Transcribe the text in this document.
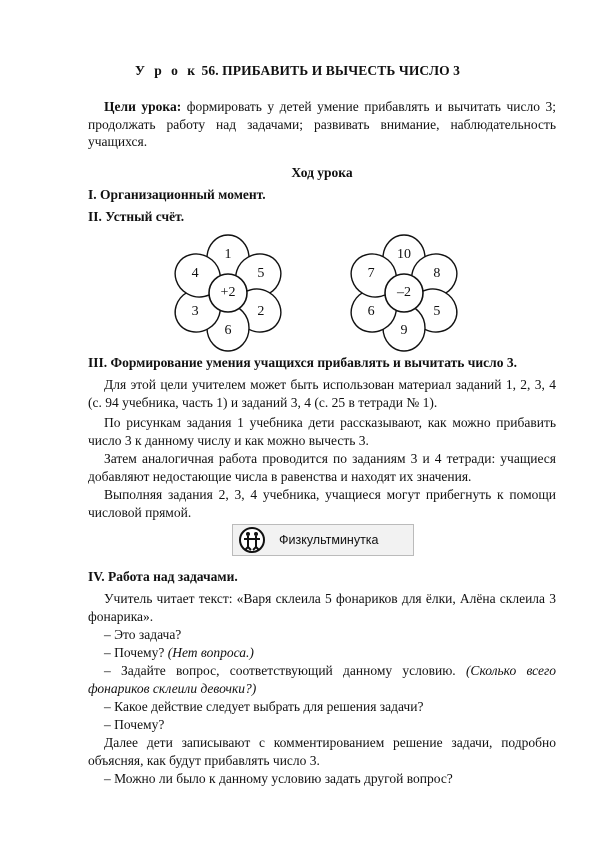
У р о к 56. ПРИБАВИТЬ И ВЫЧЕСТЬ ЧИСЛО 3
Цели урока: формировать у детей умение прибавлять и вычитать число 3; продолжать работу над задачами; развивать внимание, наблюдательность учащихся.
Ход урока
I. Организационный момент.
II. Устный счёт.
1
5
2
6
3
4
+2
10
8
5
9
6
7
–2
III. Формирование умения учащихся прибавлять и вычитать число 3.
Для этой цели учителем может быть использован материал заданий 1, 2, 3, 4 (с. 94 учебника, часть 1) и заданий 3, 4 (с. 25 в тетради № 1).
По рисункам задания 1 учебника дети рассказывают, как можно прибавить число 3 к данному числу и как можно вычесть 3.
Затем аналогичная работа проводится по заданиям 3 и 4 тетради: учащиеся добавляют недостающие числа в равенства и находят их значения.
Выполняя задания 2, 3, 4 учебника, учащиеся могут прибегнуть к помощи числовой прямой.
Физкультминутка
IV. Работа над задачами.
Учитель читает текст: «Варя склеила 5 фонариков для ёлки, Алёна склеила 3 фонарика».
– Это задача?
– Почему? (Нет вопроса.)
– Задайте вопрос, соответствующий данному условию. (Сколько всего фонариков склеили девочки?)
– Какое действие следует выбрать для решения задачи?
– Почему?
Далее дети записывают с комментированием решение задачи, подробно объясняя, как будут прибавлять число 3.
– Можно ли было к данному условию задать другой вопрос?
